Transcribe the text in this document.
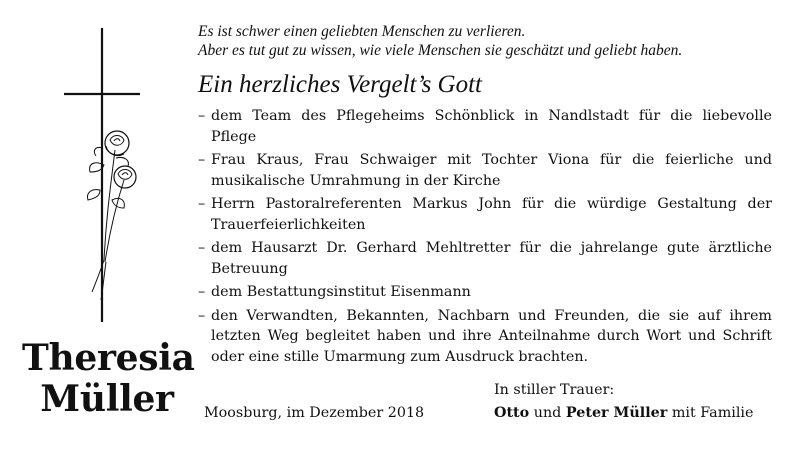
Theresia
Müller
Es ist schwer einen geliebten Menschen zu verlieren.
Aber es tut gut zu wissen, wie viele Menschen sie geschätzt und geliebt haben.
Ein herzliches Vergelt’s Gott
– dem Team des Pflegeheims Schönblick in Nandlstadt für die liebevolle Pflege
– Frau Kraus, Frau Schwaiger mit Tochter Viona für die feierliche und musikalische Umrahmung in der Kirche
– Herrn Pastoralreferenten Markus John für die würdige Gestaltung der Trauerfeierlichkeiten
– dem Hausarzt Dr. Gerhard Mehltretter für die jahrelange gute ärztliche Betreuung
– dem Bestattungsinstitut Eisenmann
– den Verwandten, Bekannten, Nachbarn und Freunden, die sie auf ihrem letzten Weg begleitet haben und ihre Anteilnahme durch Wort und Schrift oder eine stille Umarmung zum Ausdruck brachten.
In stiller Trauer:
Moosburg, im Dezember 2018	Otto und Peter Müller mit Familie
